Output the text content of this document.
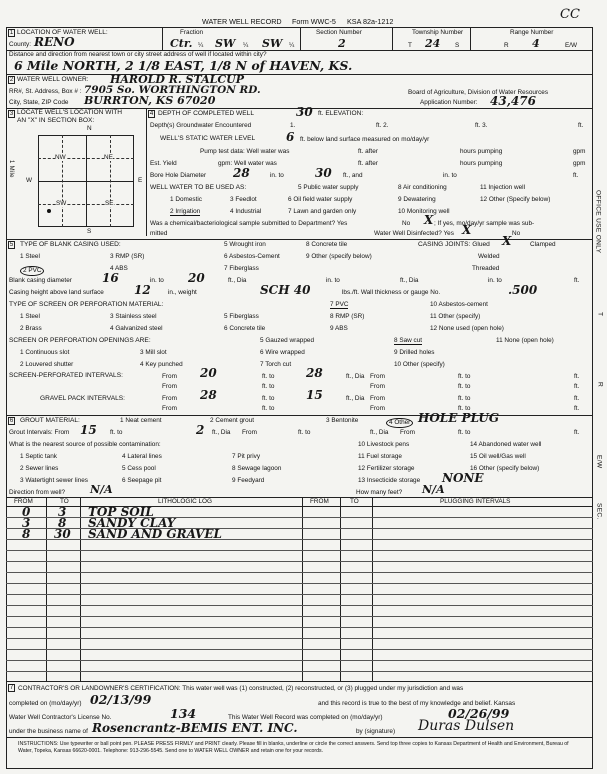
CC
WATER WELL RECORD Form WWC-5 KSA 82a-1212
1 LOCATION OF WATER WELL:
County: RENO
Fraction
Ctr. ¼ SW ¼ SW ¼
Section Number
2
Township Number
T 24 S
Range Number
R 4	E/W
Distance and direction from nearest town or city street address of well if located within city?
6 Mile NORTH, 2 1/8 EAST, 1/8 N of HAVEN, KS.
2 WATER WELL OWNER: HAROLD R. STALCUP
RR#, St. Address, Box # : 7905 So. WORTHINGTON RD.	Board of Agriculture, Division of Water Resources
City, State, ZIP Code BURRTON, KS 67020	Application Number: 43,476
3 LOCATE WELL'S LOCATION WITH
AN "X" IN SECTION BOX:
N
S
W	E
1 Mile
NW	NE
SW	SE
4 DEPTH OF COMPLETED WELL	30 ft. ELEVATION:
Depth(s) Groundwater Encountered	1.	ft. 2.	ft. 3.	ft.
WELL'S STATIC WATER LEVEL	6 ft. below land surface measured on mo/day/yr
Pump test data: Well water was	ft. after	hours pumping	gpm
Est. Yield	gpm: Well water was	ft. after	hours pumping	gpm
Bore Hole Diameter 28	in. to	30 ft., and	in. to	ft.
WELL WATER TO BE USED AS:	5 Public water supply	8 Air conditioning	11 Injection well
1 Domestic	3 Feedlot	6 Oil field water supply	9 Dewatering	12 Other (Specify below)
2 Irrigation	4 Industrial	7 Lawn and garden only	10 Monitoring well
Was a chemical/bacteriological sample submitted to Department? Yes	No X ; If yes, mo/day/yr sample was sub-
mitted	Water Well Disinfected? Yes X	No	OFFICE USE ONLY
T
R
E/W
SEC.
5 TYPE OF BLANK CASING USED:	5 Wrought iron	8 Concrete tile
1 Steel	3 RMP (SR)	6 Asbestos-Cement	9 Other (specify below)
2 PVC	4 ABS	7 Fiberglass
CASING JOINTS: Glued X	Clamped
Welded
Threaded
Blank casing diameter	16	in. to 20	ft., Dia	in. to	ft., Dia	in. to	ft.
Casing height above land surface	12	in., weight	SCH 40	lbs./ft. Wall thickness or gauge No.	.500
TYPE OF SCREEN OR PERFORATION MATERIAL:	7 PVC	10 Asbestos-cement
1 Steel	3 Stainless steel	5 Fiberglass	8 RMP (SR)	11 Other (specify)
2 Brass	4 Galvanized steel	6 Concrete tile	9 ABS	12 None used (open hole)
SCREEN OR PERFORATION OPENINGS ARE:	5 Gauzed wrapped	8 Saw cut	11 None (open hole)
1 Continuous slot	3 Mill slot	6 Wire wrapped	9 Drilled holes
2 Louvered shutter	4 Key punched	7 Torch cut	10 Other (specify)
SCREEN-PERFORATED INTERVALS:	From 20	ft. to	28	ft., Dia From	ft. to	ft.
From	ft. to	From	ft. to	ft.
GRAVEL PACK INTERVALS:	From 28	ft. to	15	ft., Dia From	ft. to	ft.
From	ft. to	From	ft. to	ft.
6 GROUT MATERIAL:	1 Neat cement	2 Cement grout	3 Bentonite	4 Other HOLE PLUG
Grout Intervals: From 15 ft. to	2 ft., Dia From	ft. to	ft., Dia From	ft. to	ft.
What is the nearest source of possible contamination:	10 Livestock pens	14 Abandoned water well
1 Septic tank	4 Lateral lines	7 Pit privy	11 Fuel storage	15 Oil well/Gas well
2 Sewer lines	5 Cess pool	8 Sewage lagoon	12 Fertilizer storage	16 Other (specify below)
3 Watertight sewer lines	6 Seepage pit	9 Feedyard	13 Insecticide storage NONE
Direction from well? N/A	How many feet? N/A
FROM	TO	LITHOLOGIC LOG	FROM	TO	PLUGGING INTERVALS
0 3 TOP SOIL
3 8 SANDY CLAY
8 30 SAND AND GRAVEL
7 CONTRACTOR'S OR LANDOWNER'S CERTIFICATION: This water well was (1) constructed, (2) reconstructed, or (3) plugged under my jurisdiction and was
completed on (mo/day/yr) 02/13/99	and this record is true to the best of my knowledge and belief. Kansas
Water Well Contractor's License No.	134	This Water Well Record was completed on (mo/day/yr)	02/26/99
under the business name of Rosencrantz-BEMIS ENT. INC.	by (signature) Duras Dulsen
INSTRUCTIONS: Use typewriter or ball point pen. PLEASE PRESS FIRMLY and PRINT clearly. Please fill in blanks, underline or circle the correct answers. Send top three copies to Kansas Department of Health and Environment, Bureau of Water, Topeka, Kansas 66620-0001. Telephone: 913-296-5545. Send one to WATER WELL OWNER and retain one for your records.
